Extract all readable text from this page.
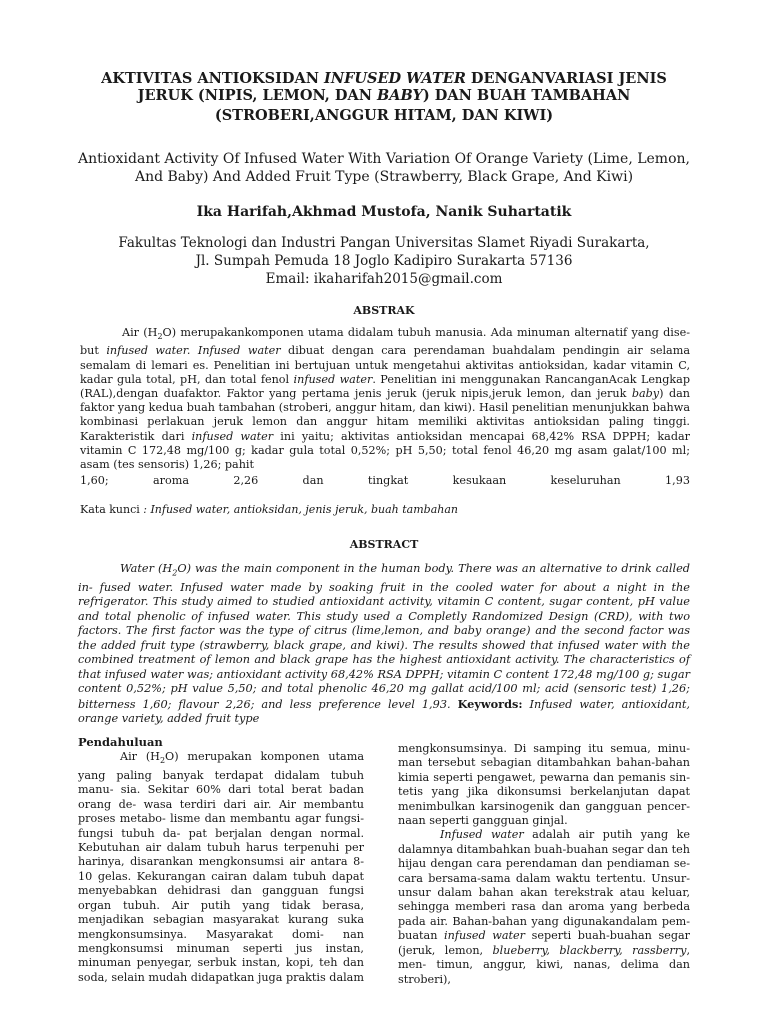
AKTIVITAS ANTIOKSIDAN INFUSED WATER DENGANVARIASI JENIS
JERUK (NIPIS, LEMON, DAN BABY) DAN BUAH TAMBAHAN
(STROBERI,ANGGUR HITAM, DAN KIWI)
Antioxidant Activity Of Infused Water With Variation Of Orange Variety (Lime, Lemon,
And Baby) And Added Fruit Type (Strawberry, Black Grape, And Kiwi)
Ika Harifah,Akhmad Mustofa, Nanik Suhartatik
Fakultas Teknologi dan Industri Pangan Universitas Slamet Riyadi Surakarta,
Jl. Sumpah Pemuda 18 Joglo Kadipiro Surakarta 57136
Email: ikaharifah2015@gmail.com
ABSTRAK
Air $(H_2O)$ merupakankomponen utama didalam tubuh manusia. Ada minuman alternatif yang dise- but infused water. Infused water dibuat dengan cara perendaman buahdalam pendingin air selama semalam di lemari es. Penelitian ini bertujuan untuk mengetahui aktivitas antioksidan, kadar vitamin C, kadar gula total, pH, dan total fenol infused water. Penelitian ini menggunakan RancanganAcak Lengkap (RAL),dengan duafaktor. Faktor yang pertama jenis jeruk (jeruk nipis,jeruk lemon, dan jeruk baby) dan faktor yang kedua buah tambahan (stroberi, anggur hitam, dan kiwi). Hasil penelitian menunjukkan bahwa kombinasi perlakuan jeruk lemon dan anggur hitam memiliki aktivitas antioksidan paling tinggi. Karakteristik dari infused water ini yaitu; aktivitas antioksidan mencapai 68,42% RSA DPPH; kadar vitamin C 172,48 mg/100 g; kadar gula total 0,52%; pH 5,50; total fenol 46,20 mg asam galat/100 ml; asam (tes sensoris) 1,26; pahit
1,60;	aroma	2,26	dan	tingkat	kesukaan	keseluruhan	1,93
Kata kunci : Infused water, antioksidan, jenis jeruk, buah tambahan
ABSTRACT
Water $(H_2O)$ was the main component in the human body. There was an alternative to drink called in- fused water. Infused water made by soaking fruit in the cooled water for about a night in the refrigerator. This study aimed to studied antioxidant activity, vitamin C content, sugar content, pH value and total phenolic of infused water. This study used a Completly Randomized Design (CRD), with two factors. The first factor was the type of citrus (lime,lemon, and baby orange) and the second factor was the added fruit type (strawberry, black grape, and kiwi). The results showed that infused water with the combined treatment of lemon and black grape has the highest antioxidant activity. The characteristics of that infused water was; antioxidant activity 68,42% RSA DPPH; vitamin C content 172,48 mg/100 g; sugar content 0,52%; pH value 5,50; and total phenolic 46,20 mg gallat acid/100 ml; acid (sensoric test) 1,26; bitterness 1,60; flavour 2,26; and less preference level 1,93. Keywords: Infused water, antioxidant, orange variety, added fruit type
Pendahuluan
Air $(H_2O)$ merupakan komponen utama yang paling banyak terdapat didalam tubuh manu- sia. Sekitar 60% dari total berat badan orang de- wasa terdiri dari air. Air membantu proses metabo- lisme dan membantu agar fungsi-fungsi tubuh da- pat berjalan dengan normal. Kebutuhan air dalam tubuh harus terpenuhi per harinya, disarankan mengkonsumsi air antara 8-10 gelas. Kekurangan cairan dalam tubuh dapat menyebabkan dehidrasi dan gangguan fungsi organ tubuh. Air putih yang tidak berasa, menjadikan sebagian masyarakat kurang suka mengkonsumsinya. Masyarakat domi- nan mengkonsumsi minuman seperti jus instan, minuman penyegar, serbuk instan, kopi, teh dan soda, selain mudah didapatkan juga praktis dalam
mengkonsumsinya. Di samping itu semua, minu- man tersebut sebagian ditambahkan bahan-bahan kimia seperti pengawet, pewarna dan pemanis sin- tetis yang jika dikonsumsi berkelanjutan dapat menimbulkan karsinogenik dan gangguan pencer- naan seperti gangguan ginjal.
Infused water adalah air putih yang ke dalamnya ditambahkan buah-buahan segar dan teh hijau dengan cara perendaman dan pendiaman se- cara bersama-sama dalam waktu tertentu. Unsur- unsur dalam bahan akan terekstrak atau keluar, sehingga memberi rasa dan aroma yang berbeda pada air. Bahan-bahan yang digunakandalam pem- buatan infused water seperti buah-buahan segar (jeruk, lemon, blueberry, blackberry, rassberry, men- timun, anggur, kiwi, nanas, delima dan stroberi),
